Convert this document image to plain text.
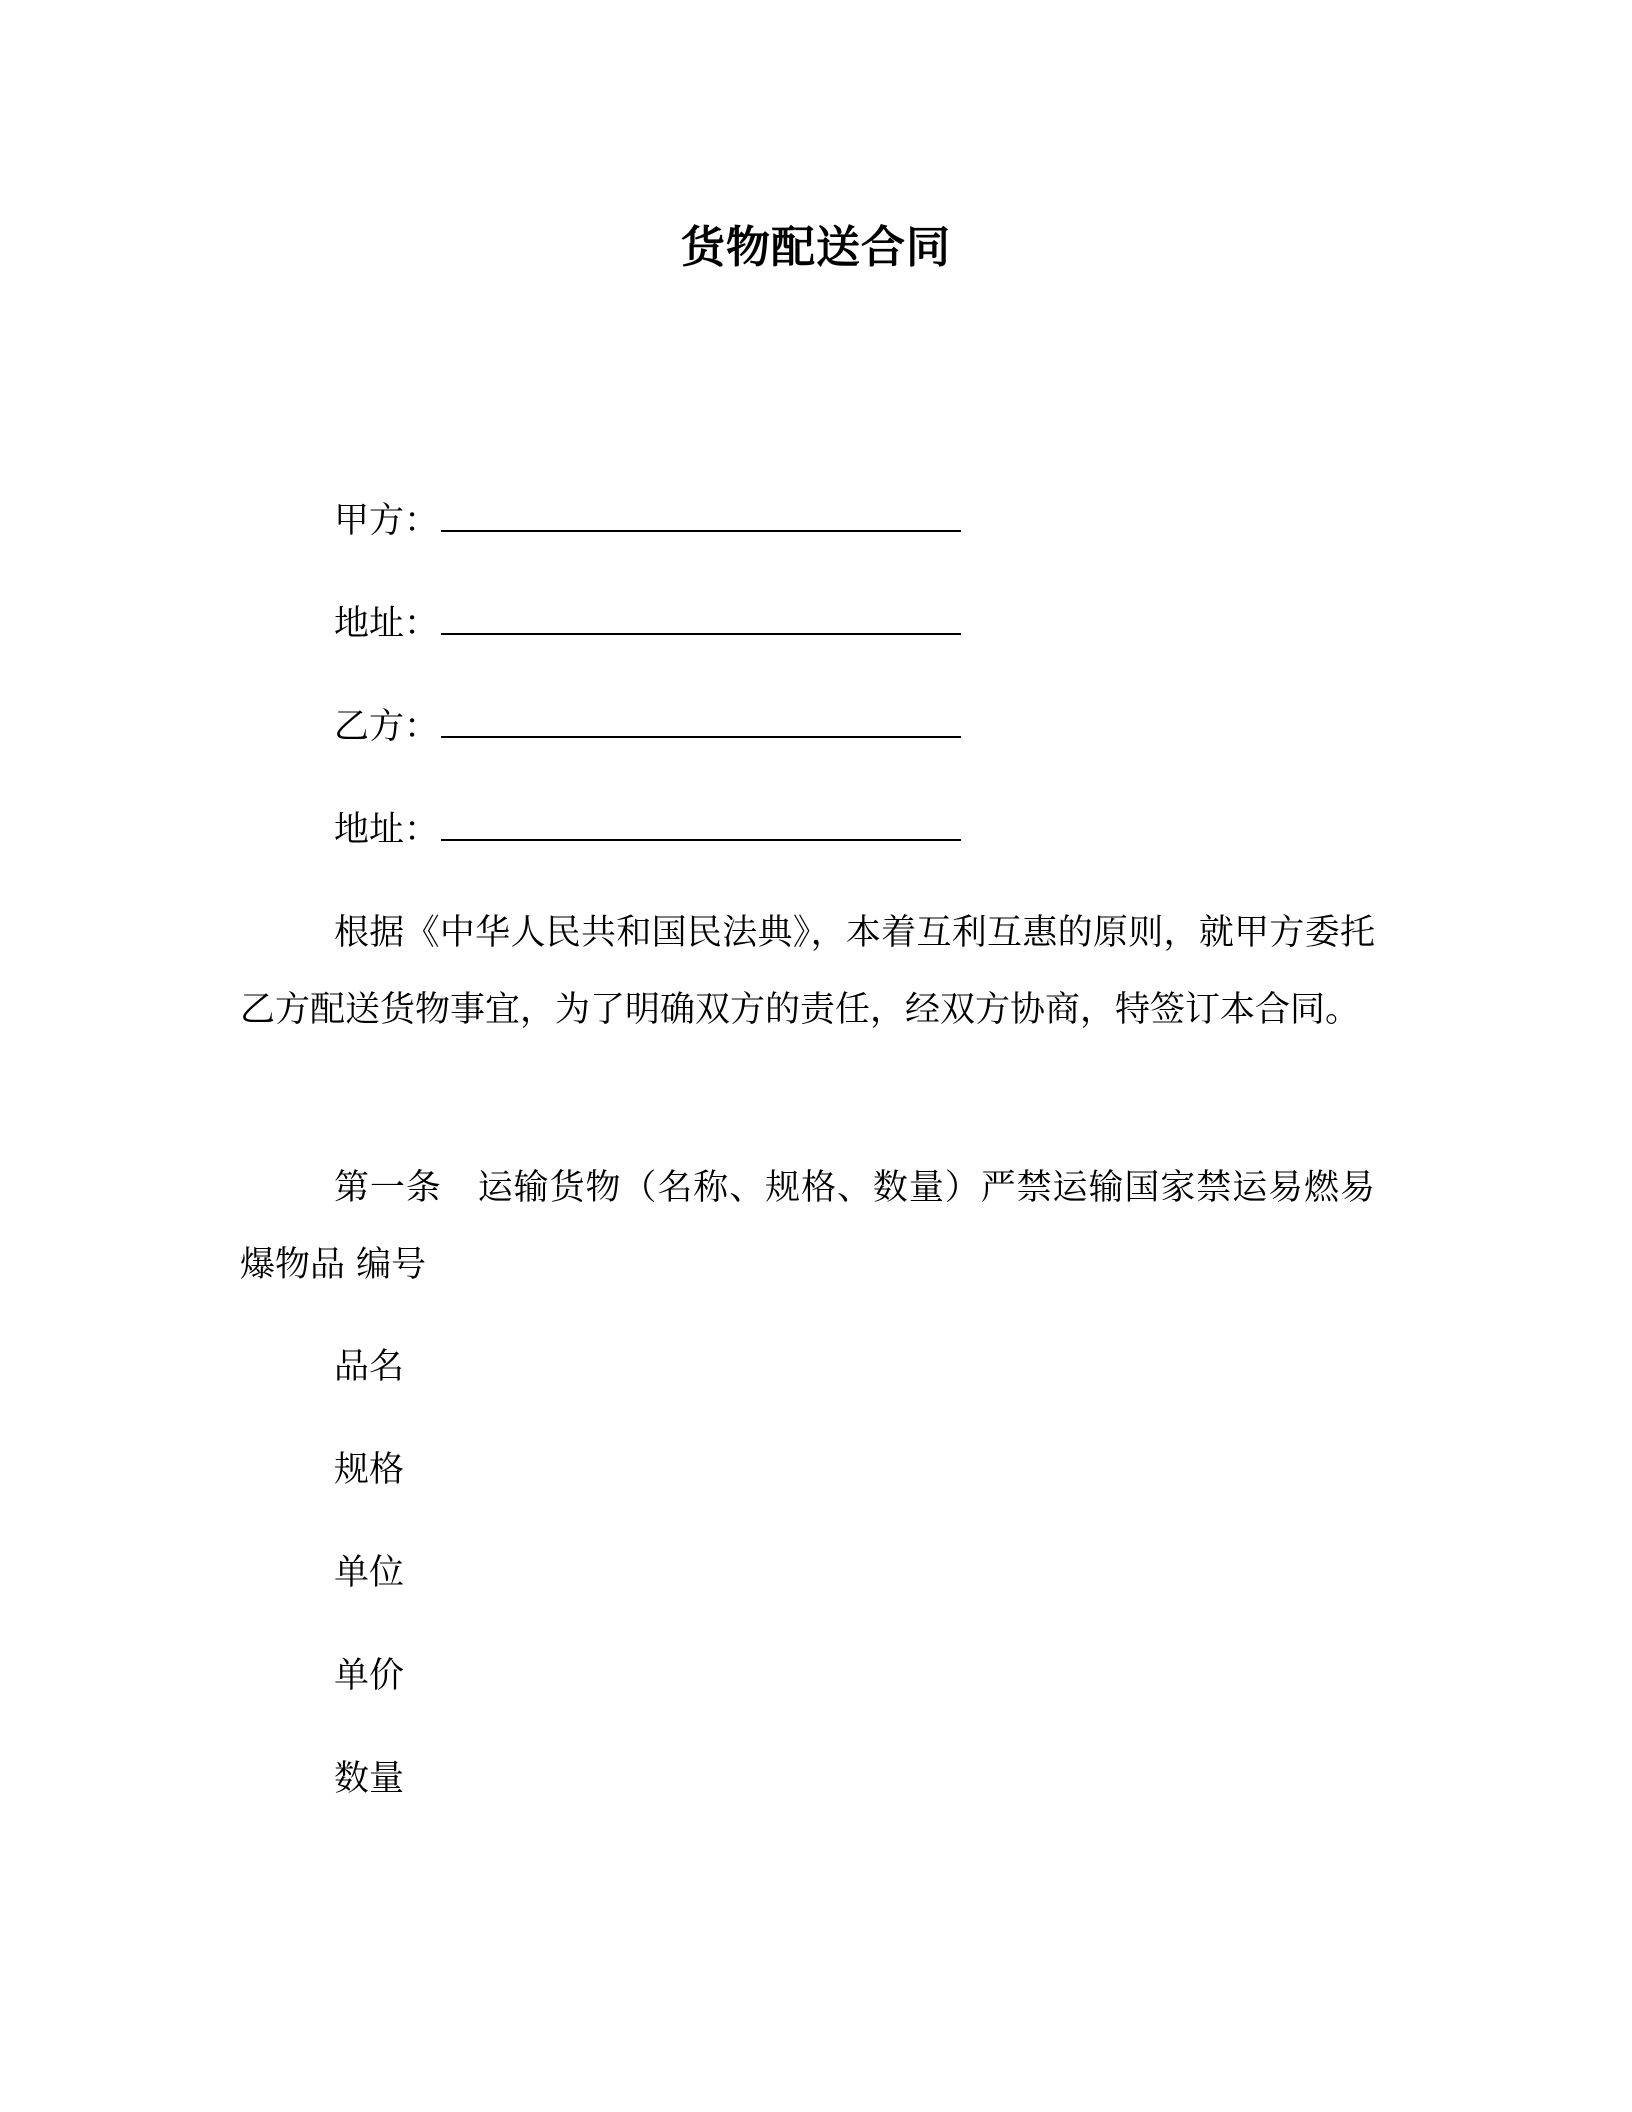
货物配送合同
甲方：
地址：
乙方：
地址：
根据《中华人民共和国民法典》，本着互利互惠的原则，就甲方委托乙方配送货物事宜，为了明确双方的责任，经双方协商，特签订本合同。
第一条　运输货物（名称、规格、数量）严禁运输国家禁运易燃易爆物品 编号
品名
规格
单位
单价
数量
